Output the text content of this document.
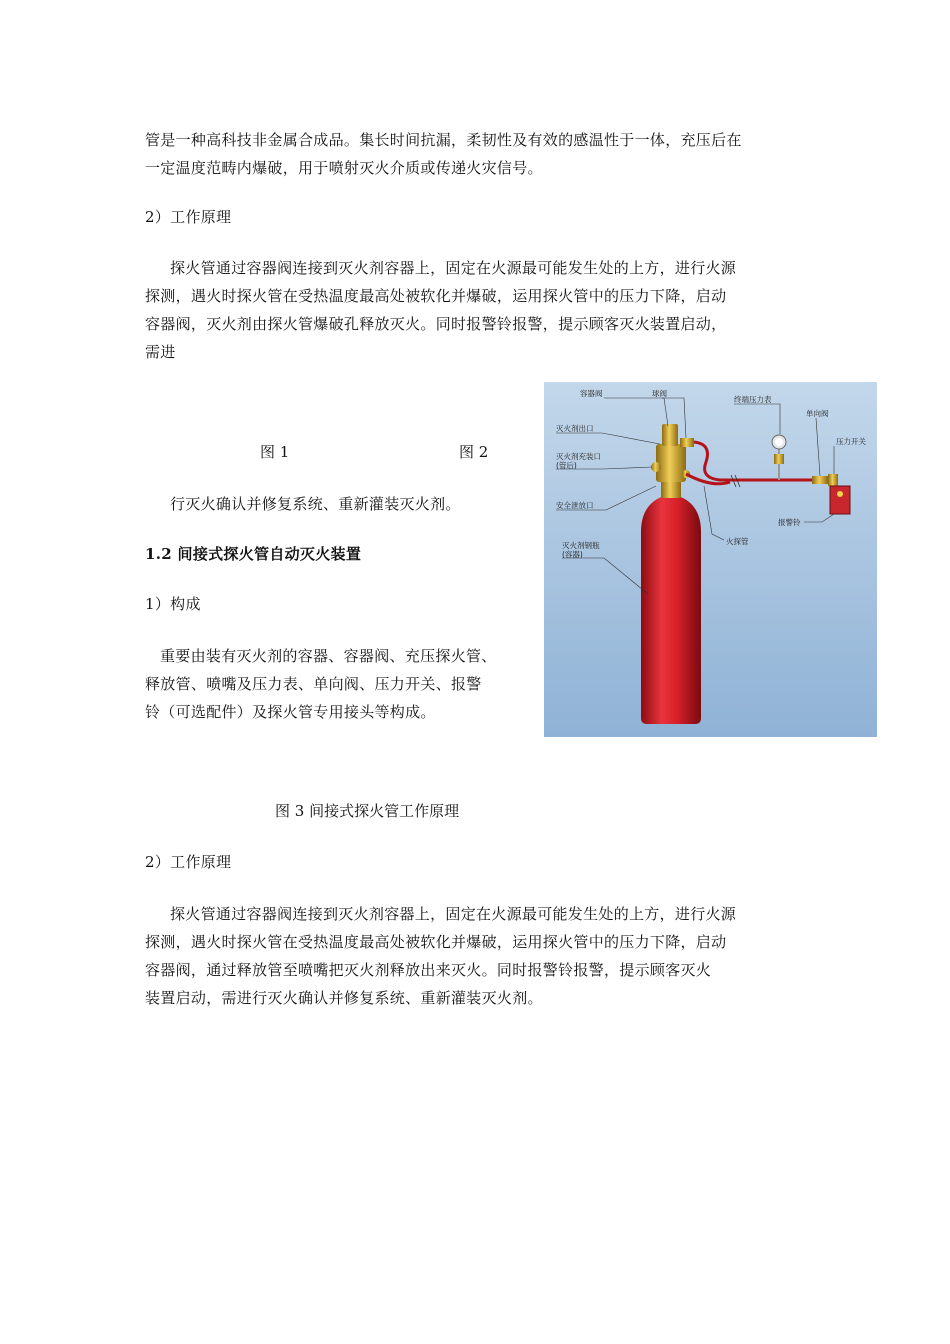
管是一种高科技非金属合成品。集长时间抗漏，柔韧性及有效的感温性于一体，充压后在

一定温度范畴内爆破，用于喷射灭火介质或传递火灾信号。

2）工作原理

探火管通过容器阀连接到灭火剂容器上，固定在火源最可能发生处的上方，进行火源

探测，遇火时探火管在受热温度最高处被软化并爆破，运用探火管中的压力下降，启动

容器阀，灭火剂由探火管爆破孔释放灭火。同时报警铃报警，提示顾客灭火装置启动，

需进

图 1	图 2

行灭火确认并修复系统、重新灌装灭火剂。

1.2 间接式探火管自动灭火装置

1）构成

重要由装有灭火剂的容器、容器阀、充压探火管、

释放管、喷嘴及压力表、单向阀、压力开关、报警

铃（可选配件）及探火管专用接头等构成。

容器阀	球阀
终端压力表
单向阀
灭火剂出口
压力开关
灭火剂充装口
(管后)
安全泄放口
火探管
报警铃
灭火剂钢瓶
(容器)
图 3 间接式探火管工作原理

2）工作原理

探火管通过容器阀连接到灭火剂容器上，固定在火源最可能发生处的上方，进行火源

探测，遇火时探火管在受热温度最高处被软化并爆破，运用探火管中的压力下降，启动

容器阀，通过释放管至喷嘴把灭火剂释放出来灭火。同时报警铃报警，提示顾客灭火

装置启动，需进行灭火确认并修复系统、重新灌装灭火剂。
